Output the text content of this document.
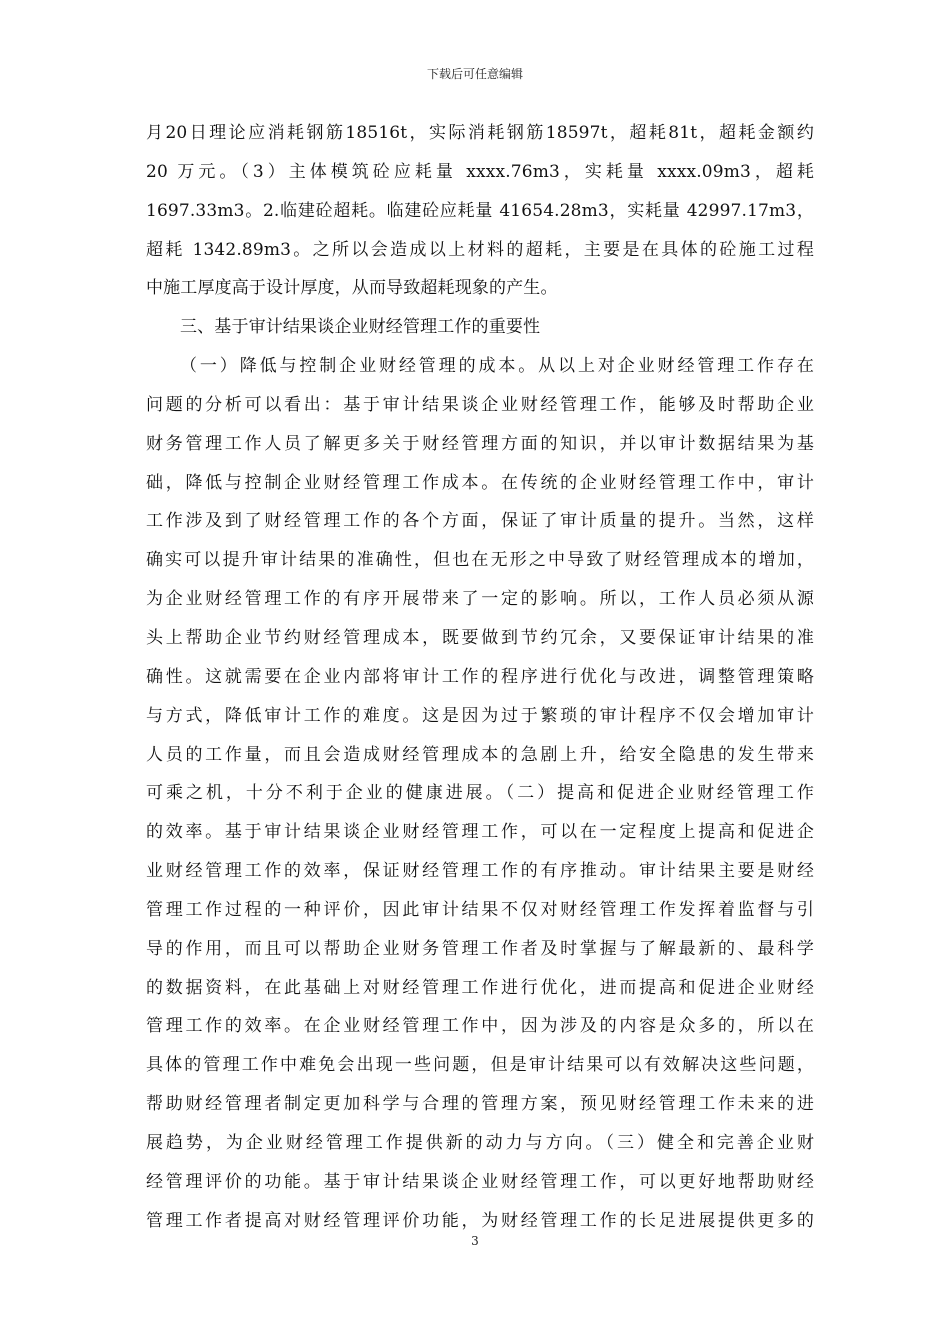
下载后可任意编辑
月20日理论应消耗钢筋18516t，实际消耗钢筋18597t，超耗81t，超耗金额约
20 万元。（3）主体模筑砼应耗量 xxxx.76m3，实耗量 xxxx.09m3，超耗
1697.33m3。2.临建砼超耗。临建砼应耗量 41654.28m3，实耗量 42997.17m3，
超耗 1342.89m3。之所以会造成以上材料的超耗，主要是在具体的砼施工过程
中施工厚度高于设计厚度，从而导致超耗现象的产生。
三、基于审计结果谈企业财经管理工作的重要性
（一）降低与控制企业财经管理的成本。从以上对企业财经管理工作存在
问题的分析可以看出：基于审计结果谈企业财经管理工作，能够及时帮助企业
财务管理工作人员了解更多关于财经管理方面的知识，并以审计数据结果为基
础，降低与控制企业财经管理工作成本。在传统的企业财经管理工作中，审计
工作涉及到了财经管理工作的各个方面，保证了审计质量的提升。当然，这样
确实可以提升审计结果的准确性，但也在无形之中导致了财经管理成本的增加，
为企业财经管理工作的有序开展带来了一定的影响。所以，工作人员必须从源
头上帮助企业节约财经管理成本，既要做到节约冗余，又要保证审计结果的准
确性。这就需要在企业内部将审计工作的程序进行优化与改进，调整管理策略
与方式，降低审计工作的难度。这是因为过于繁琐的审计程序不仅会增加审计
人员的工作量，而且会造成财经管理成本的急剧上升，给安全隐患的发生带来
可乘之机，十分不利于企业的健康进展。（二）提高和促进企业财经管理工作
的效率。基于审计结果谈企业财经管理工作，可以在一定程度上提高和促进企
业财经管理工作的效率，保证财经管理工作的有序推动。审计结果主要是财经
管理工作过程的一种评价，因此审计结果不仅对财经管理工作发挥着监督与引
导的作用，而且可以帮助企业财务管理工作者及时掌握与了解最新的、最科学
的数据资料，在此基础上对财经管理工作进行优化，进而提高和促进企业财经
管理工作的效率。在企业财经管理工作中，因为涉及的内容是众多的，所以在
具体的管理工作中难免会出现一些问题，但是审计结果可以有效解决这些问题，
帮助财经管理者制定更加科学与合理的管理方案，预见财经管理工作未来的进
展趋势，为企业财经管理工作提供新的动力与方向。（三）健全和完善企业财
经管理评价的功能。基于审计结果谈企业财经管理工作，可以更好地帮助财经
管理工作者提高对财经管理评价功能，为财经管理工作的长足进展提供更多的
3
